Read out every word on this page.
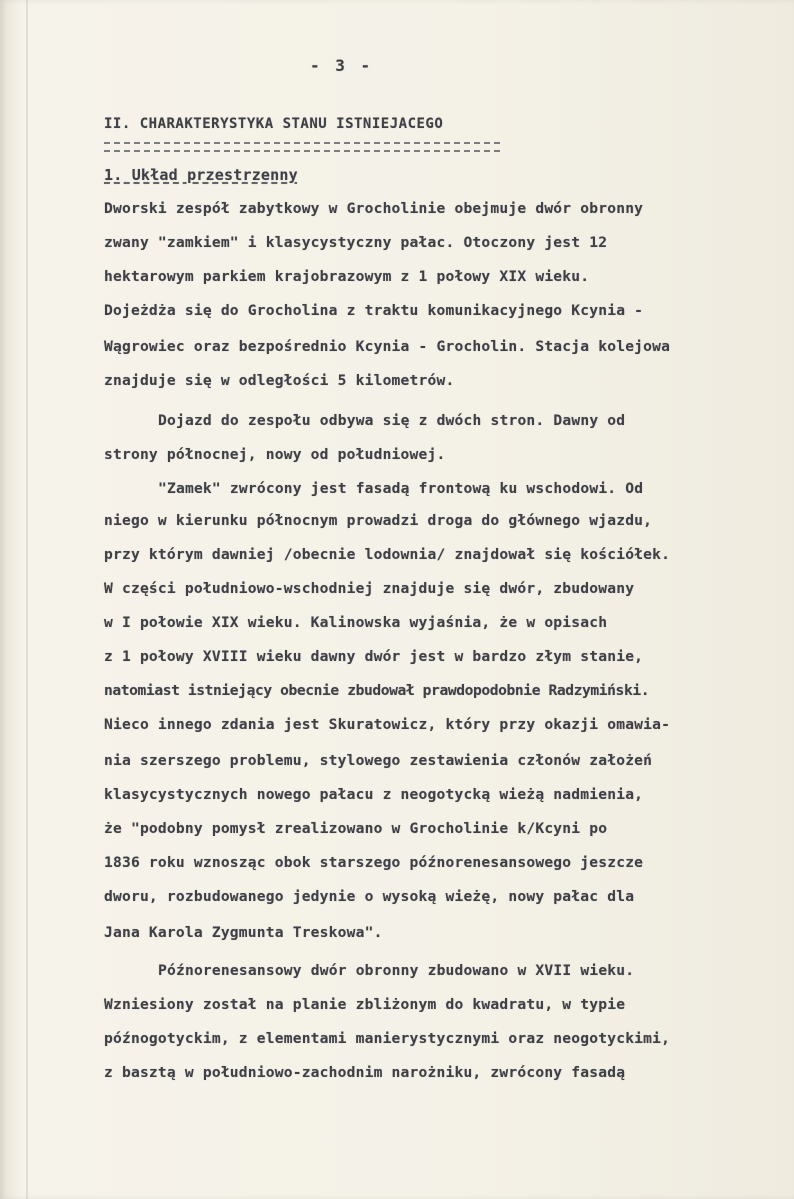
- 3 -
II. CHARAKTERYSTYKA STANU ISTNIEJACEGO
1. Układ przestrzenny
Dworski zespół zabytkowy w Grocholinie obejmuje dwór obronny
zwany "zamkiem" i klasycystyczny pałac. Otoczony jest 12
hektarowym parkiem krajobrazowym z 1 połowy XIX wieku.
Dojeżdża się do Grocholina z traktu komunikacyjnego Kcynia -
Wągrowiec oraz bezpośrednio Kcynia - Grocholin. Stacja kolejowa
znajduje się w odległości 5 kilometrów.
Dojazd do zespołu odbywa się z dwóch stron. Dawny od
strony północnej, nowy od południowej.
"Zamek" zwrócony jest fasadą frontową ku wschodowi. Od
niego w kierunku północnym prowadzi droga do głównego wjazdu,
przy którym dawniej /obecnie lodownia/ znajdował się kościółek.
W części południowo-wschodniej znajduje się dwór, zbudowany
w I połowie XIX wieku. Kalinowska wyjaśnia, że w opisach
z 1 połowy XVIII wieku dawny dwór jest w bardzo złym stanie,
natomiast istniejący obecnie zbudował prawdopodobnie Radzymiński.
Nieco innego zdania jest Skuratowicz, który przy okazji omawia-
nia szerszego problemu, stylowego zestawienia członów założeń
klasycystycznych nowego pałacu z neogotycką wieżą nadmienia,
że "podobny pomysł zrealizowano w Grocholinie k/Kcyni po
1836 roku wznosząc obok starszego późnorenesansowego jeszcze
dworu, rozbudowanego jedynie o wysoką wieżę, nowy pałac dla
Jana Karola Zygmunta Treskowa".
Późnorenesansowy dwór obronny zbudowano w XVII wieku.
Wzniesiony został na planie zbliżonym do kwadratu, w typie
późnogotyckim, z elementami manierystycznymi oraz neogotyckimi,
z basztą w południowo-zachodnim narożniku, zwrócony fasadą
